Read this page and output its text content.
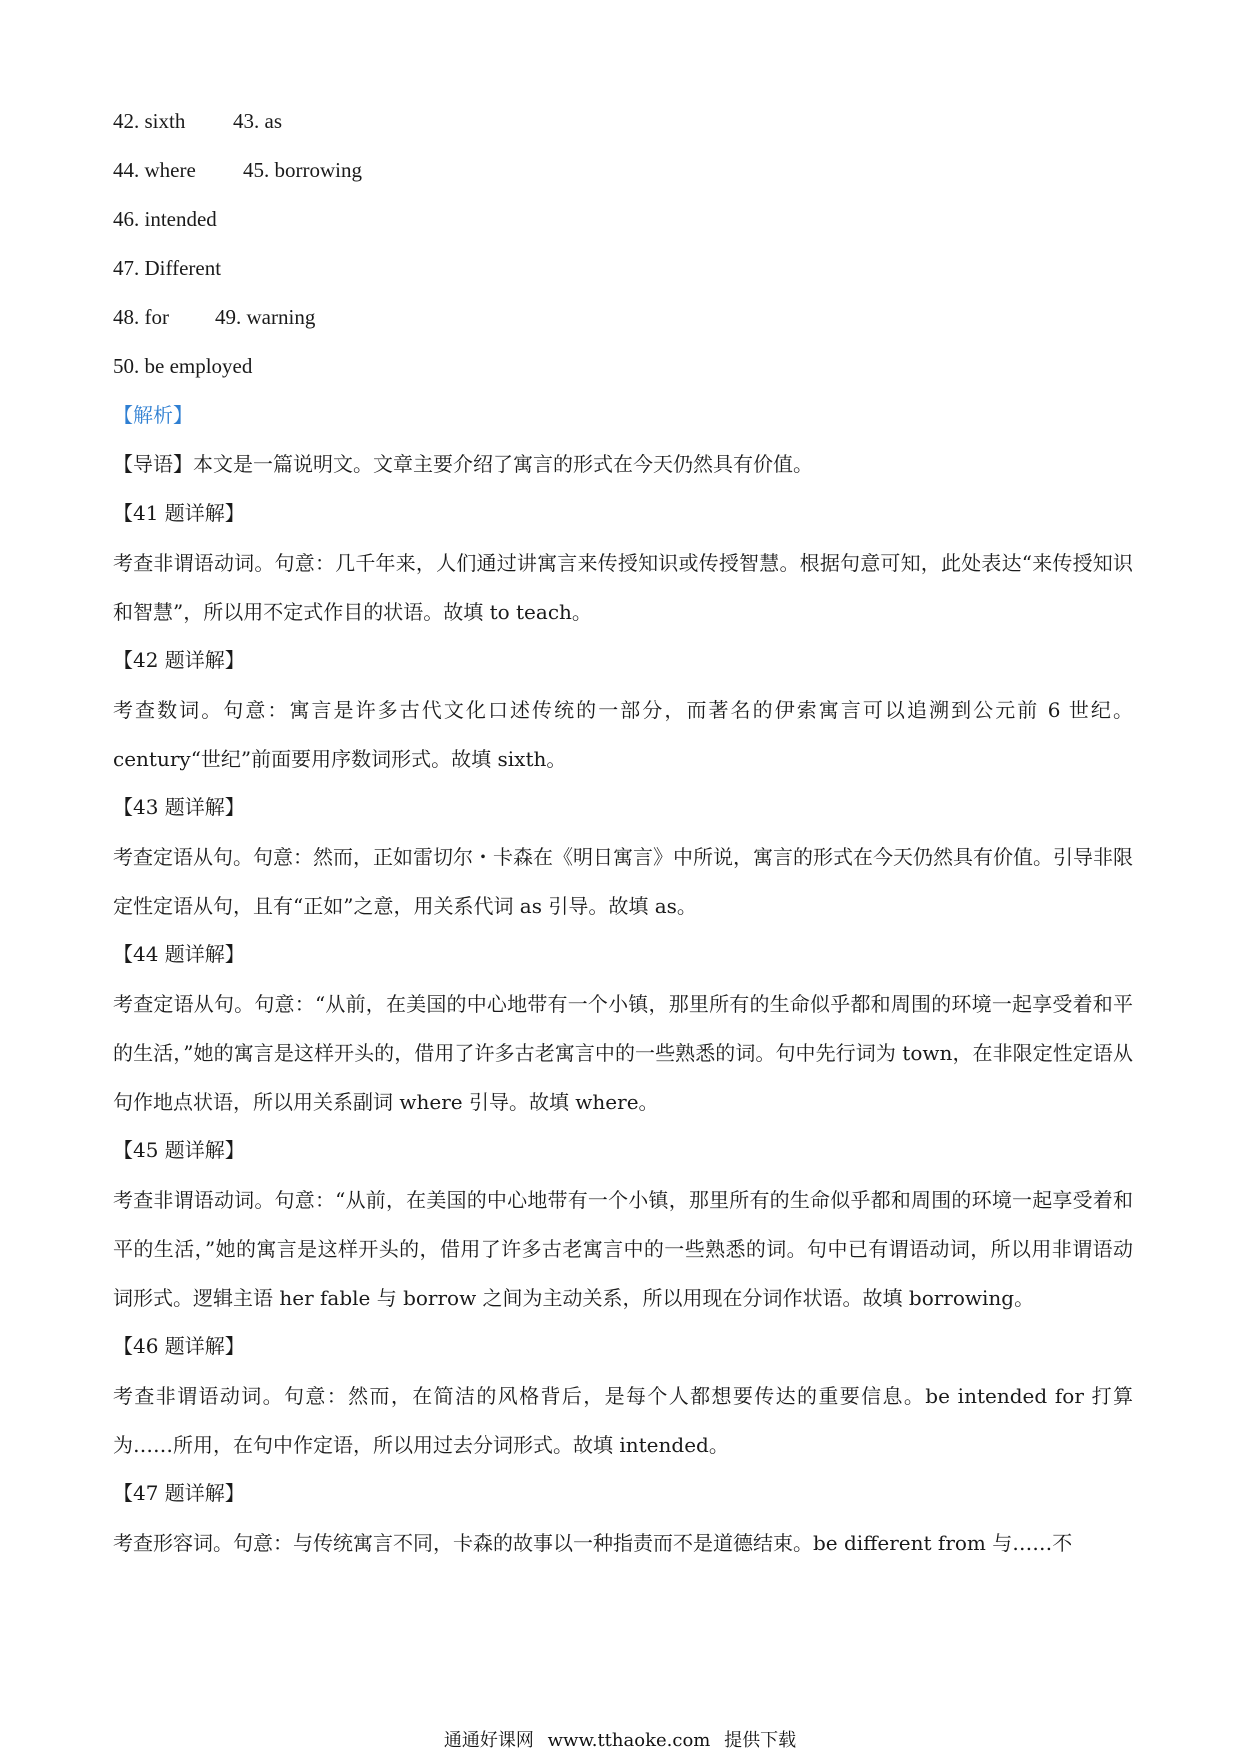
42. sixth 43. as
44. where 45. borrowing
46. intended
47. Different
48. for 49. warning
50. be employed
【解析】
【导语】本文是一篇说明文。文章主要介绍了寓言的形式在今天仍然具有价值。
【41 题详解】

考查非谓语动词。句意：几千年来，人们通过讲寓言来传授知识或传授智慧。根据句意可知，此处表达“来传授知识和智慧”，所以用不定式作目的状语。故填 to teach。

【42 题详解】

考查数词。句意：寓言是许多古代文化口述传统的一部分，而著名的伊索寓言可以追溯到公元前 6 世纪。century“世纪”前面要用序数词形式。故填 sixth。

【43 题详解】

考查定语从句。句意：然而，正如雷切尔・卡森在《明日寓言》中所说，寓言的形式在今天仍然具有价值。引导非限定性定语从句，且有“正如”之意，用关系代词 as 引导。故填 as。

【44 题详解】

考查定语从句。句意：“从前，在美国的中心地带有一个小镇，那里所有的生命似乎都和周围的环境一起享受着和平的生活，”她的寓言是这样开头的，借用了许多古老寓言中的一些熟悉的词。句中先行词为 town，在非限定性定语从句作地点状语，所以用关系副词 where 引导。故填 where。

【45 题详解】

考查非谓语动词。句意：“从前，在美国的中心地带有一个小镇，那里所有的生命似乎都和周围的环境一起享受着和平的生活，”她的寓言是这样开头的，借用了许多古老寓言中的一些熟悉的词。句中已有谓语动词，所以用非谓语动词形式。逻辑主语 her fable 与 borrow 之间为主动关系，所以用现在分词作状语。故填 borrowing。

【46 题详解】

考查非谓语动词。句意：然而，在简洁的风格背后，是每个人都想要传达的重要信息。be intended for 打算为……所用，在句中作定语，所以用过去分词形式。故填 intended。

【47 题详解】

考查形容词。句意：与传统寓言不同，卡森的故事以一种指责而不是道德结束。be different from 与……不

通通好课网 www.tthaoke.com 提供下载
